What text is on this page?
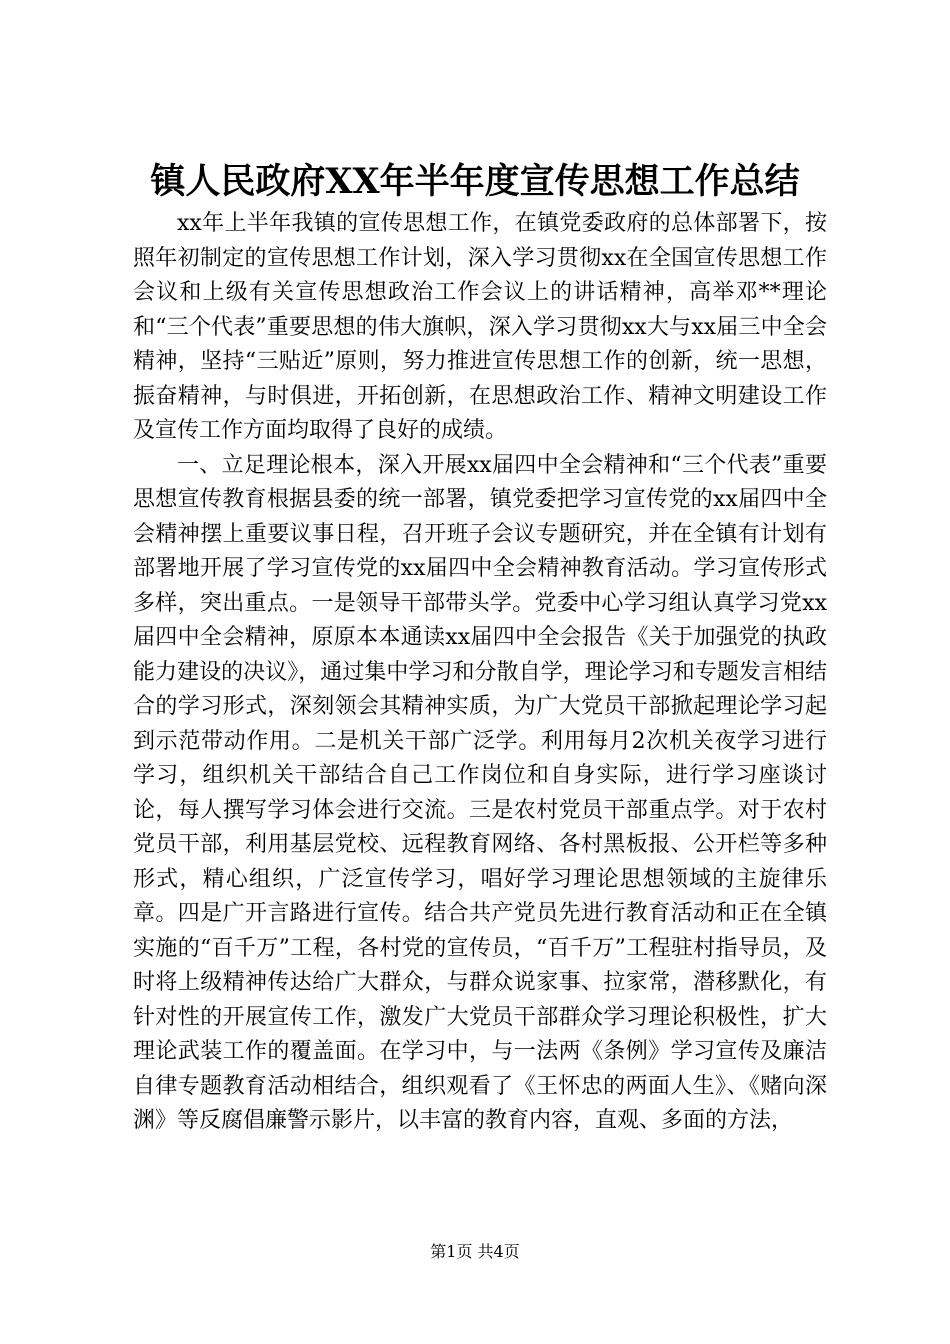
镇人民政府XX年半年度宣传思想工作总结

xx年上半年我镇的宣传思想工作，在镇党委政府的总体部署下，按照年初制定的宣传思想工作计划，深入学习贯彻xx在全国宣传思想工作会议和上级有关宣传思想政治工作会议上的讲话精神，高举邓**理论和“三个代表”重要思想的伟大旗帜，深入学习贯彻xx大与xx届三中全会精神，坚持“三贴近”原则，努力推进宣传思想工作的创新，统一思想，振奋精神，与时俱进，开拓创新，在思想政治工作、精神文明建设工作及宣传工作方面均取得了良好的成绩。

一、立足理论根本，深入开展xx届四中全会精神和“三个代表”重要思想宣传教育根据县委的统一部署，镇党委把学习宣传党的xx届四中全会精神摆上重要议事日程，召开班子会议专题研究，并在全镇有计划有部署地开展了学习宣传党的xx届四中全会精神教育活动。学习宣传形式多样，突出重点。一是领导干部带头学。党委中心学习组认真学习党xx届四中全会精神，原原本本通读xx届四中全会报告《关于加强党的执政能力建设的决议》，通过集中学习和分散自学，理论学习和专题发言相结合的学习形式，深刻领会其精神实质，为广大党员干部掀起理论学习起到示范带动作用。二是机关干部广泛学。利用每月2次机关夜学习进行学习，组织机关干部结合自己工作岗位和自身实际，进行学习座谈讨论，每人撰写学习体会进行交流。三是农村党员干部重点学。对于农村党员干部，利用基层党校、远程教育网络、各村黑板报、公开栏等多种形式，精心组织，广泛宣传学习，唱好学习理论思想领域的主旋律乐章。四是广开言路进行宣传。结合共产党员先进行教育活动和正在全镇实施的“百千万”工程，各村党的宣传员，“百千万”工程驻村指导员，及时将上级精神传达给广大群众，与群众说家事、拉家常，潜移默化，有针对性的开展宣传工作，激发广大党员干部群众学习理论积极性，扩大理论武装工作的覆盖面。在学习中，与一法两《条例》学习宣传及廉洁自律专题教育活动相结合，组织观看了《王怀忠的两面人生》、《赌向深渊》等反腐倡廉警示影片，以丰富的教育内容，直观、多面的方法，

第1页 共4页
